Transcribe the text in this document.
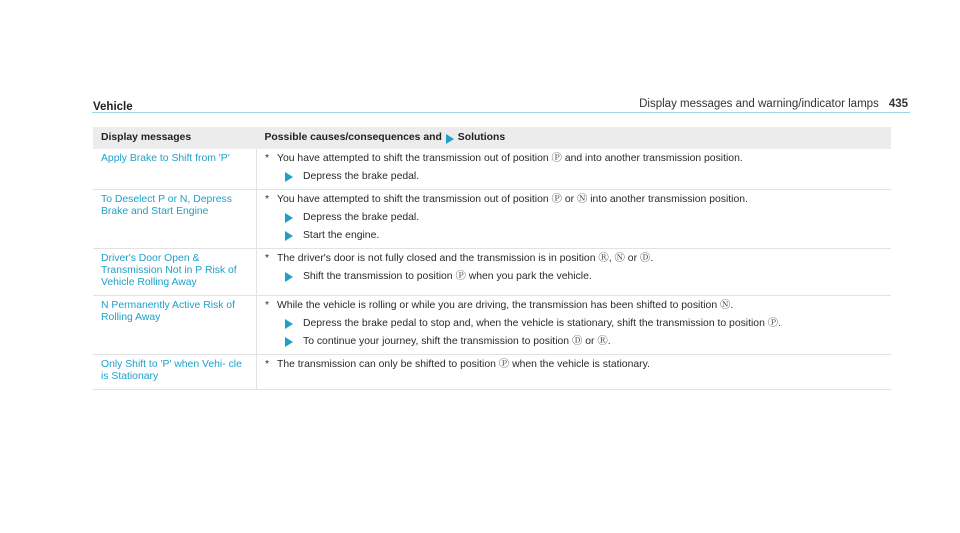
Display messages and warning/indicator lamps 435
Vehicle
Display messages	Possible causes/consequences and Solutions

Apply Brake to Shift from 'P'	* You have attempted to shift the transmission out of position Ⓟ and into another transmission position.
Depress the brake pedal.

To Deselect P or N, Depress Brake and Start Engine	* You have attempted to shift the transmission out of position Ⓟ or Ⓝ into another transmission position.
Depress the brake pedal.
Start the engine.

Driver's Door Open & Transmission Not in P Risk of Vehicle Rolling Away	* The driver's door is not fully closed and the transmission is in position Ⓡ, Ⓝ or Ⓓ.
Shift the transmission to position Ⓟ when you park the vehicle.

N Permanently Active Risk of Rolling Away	* While the vehicle is rolling or while you are driving, the transmission has been shifted to position Ⓝ.
Depress the brake pedal to stop and, when the vehicle is stationary, shift the transmission to position Ⓟ.
To continue your journey, shift the transmission to position Ⓓ or Ⓡ.

Only Shift to 'P' when Vehi- cle is Stationary	* The transmission can only be shifted to position Ⓟ when the vehicle is stationary.
